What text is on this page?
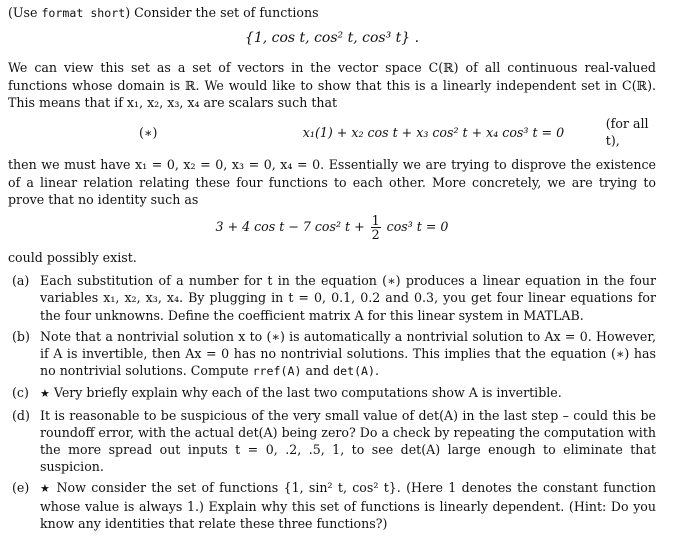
(Use format short) Consider the set of functions
{1, cos t, cos² t, cos³ t} .
We can view this set as a set of vectors in the vector space C(ℝ) of all continuous real-valued functions whose domain is ℝ. We would like to show that this is a linearly independent set in C(ℝ). This means that if x₁, x₂, x₃, x₄ are scalars such that
(∗)	x₁(1) + x₂ cos t + x₃ cos² t + x₄ cos³ t = 0
(for all t),
then we must have x₁ = 0, x₂ = 0, x₃ = 0, x₄ = 0. Essentially we are trying to disprove the existence of a linear relation relating these four functions to each other. More concretely, we are trying to prove that no identity such as
3 + 4 cos t − 7 cos² $t + \frac{1}{2} \cos^3$ t = 0
could possibly exist.
(a) Each substitution of a number for t in the equation (∗) produces a linear equation in the four variables x₁, x₂, x₃, x₄. By plugging in t = 0, 0.1, 0.2 and 0.3, you get four linear equations for the four unknowns. Define the coefficient matrix A for this linear system in MATLAB.
(b) Note that a nontrivial solution x to (∗) is automatically a nontrivial solution to Ax = 0. However, if A is invertible, then Ax = 0 has no nontrivial solutions. This implies that the equation (∗) has no nontrivial solutions. Compute rref(A) and det(A).
(c)	★ Very briefly explain why each of the last two computations show A is invertible.
(d) It is reasonable to be suspicious of the very small value of det(A) in the last step – could this be roundoff error, with the actual det(A) being zero? Do a check by repeating the computation with the more spread out inputs t = 0, .2, .5, 1, to see det(A) large enough to eliminate that suspicion.
(e) ★ Now consider the set of functions {1, sin² t, cos² t}. (Here 1 denotes the constant function whose value is always 1.) Explain why this set of functions is linearly dependent. (Hint: Do you know any identities that relate these three functions?)
